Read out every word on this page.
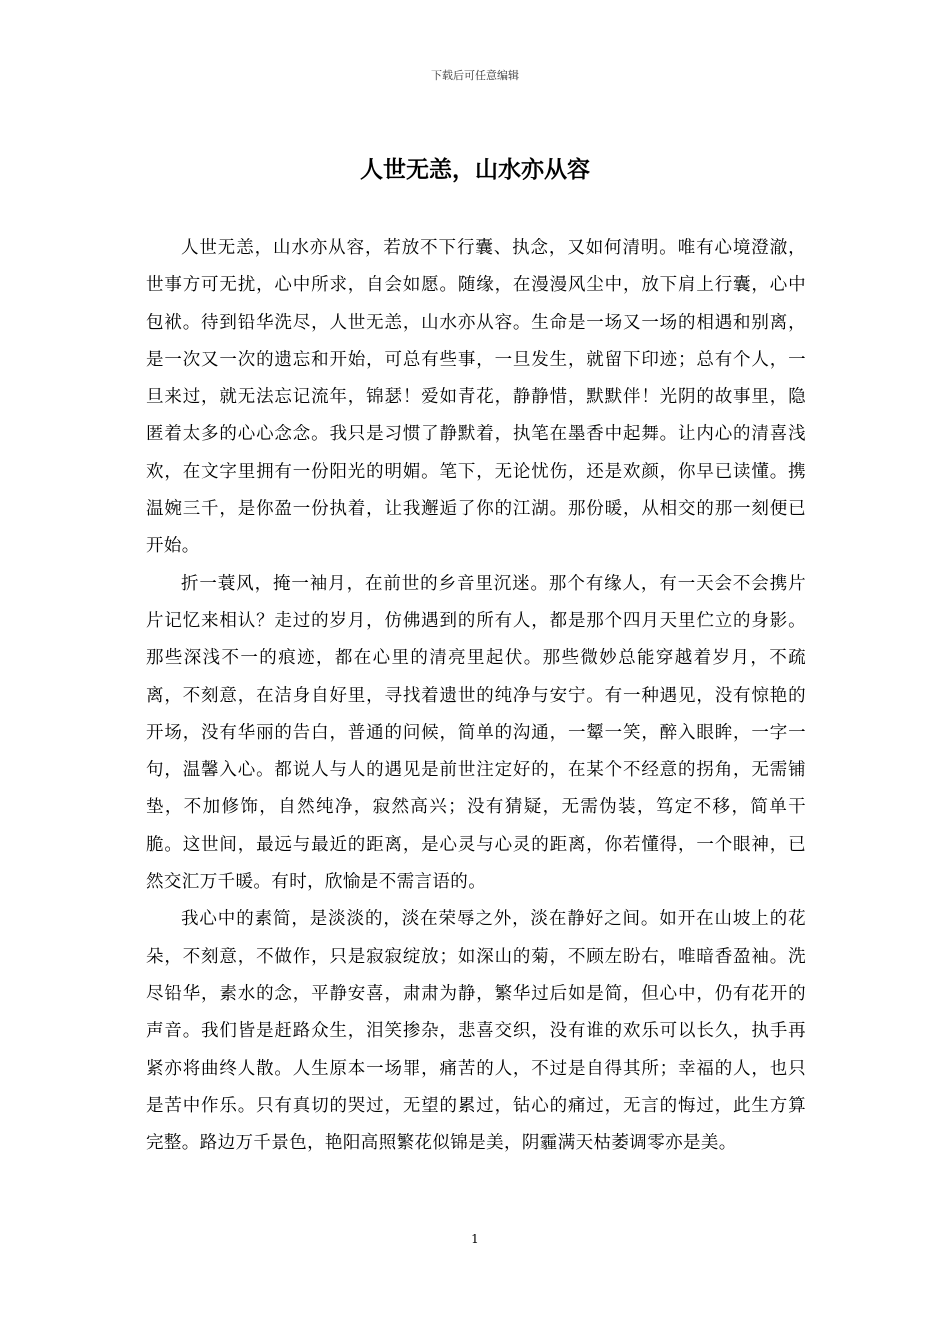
下载后可任意编辑
人世无恙，山水亦从容

人世无恙，山水亦从容，若放不下行囊、执念，又如何清明。唯有心境澄澈，世事方可无扰，心中所求，自会如愿。随缘，在漫漫风尘中，放下肩上行囊，心中包袱。待到铅华洗尽，人世无恙，山水亦从容。生命是一场又一场的相遇和别离，是一次又一次的遗忘和开始，可总有些事，一旦发生，就留下印迹；总有个人，一旦来过，就无法忘记流年，锦瑟！爱如青花，静静惜，默默伴！光阴的故事里，隐匿着太多的心心念念。我只是习惯了静默着，执笔在墨香中起舞。让内心的清喜浅欢，在文字里拥有一份阳光的明媚。笔下，无论忧伤，还是欢颜，你早已读懂。携温婉三千，是你盈一份执着，让我邂逅了你的江湖。那份暖，从相交的那一刻便已开始。

折一蓑风，掩一袖月，在前世的乡音里沉迷。那个有缘人，有一天会不会携片片记忆来相认？走过的岁月，仿佛遇到的所有人，都是那个四月天里伫立的身影。那些深浅不一的痕迹，都在心里的清亮里起伏。那些微妙总能穿越着岁月，不疏离，不刻意，在洁身自好里，寻找着遗世的纯净与安宁。有一种遇见，没有惊艳的开场，没有华丽的告白，普通的问候，简单的沟通，一颦一笑，醉入眼眸，一字一句，温馨入心。都说人与人的遇见是前世注定好的，在某个不经意的拐角，无需铺垫，不加修饰，自然纯净，寂然高兴；没有猜疑，无需伪装，笃定不移，简单干脆。这世间，最远与最近的距离，是心灵与心灵的距离，你若懂得，一个眼神，已然交汇万千暖。有时，欣愉是不需言语的。

我心中的素简，是淡淡的，淡在荣辱之外，淡在静好之间。如开在山坡上的花朵，不刻意，不做作，只是寂寂绽放；如深山的菊，不顾左盼右，唯暗香盈袖。洗尽铅华，素水的念，平静安喜，肃肃为静，繁华过后如是简，但心中，仍有花开的声音。我们皆是赶路众生，泪笑掺杂，悲喜交织，没有谁的欢乐可以长久，执手再紧亦将曲终人散。人生原本一场罪，痛苦的人，不过是自得其所；幸福的人，也只是苦中作乐。只有真切的哭过，无望的累过，钻心的痛过，无言的悔过，此生方算完整。路边万千景色，艳阳高照繁花似锦是美，阴霾满天枯萎调零亦是美。

1
